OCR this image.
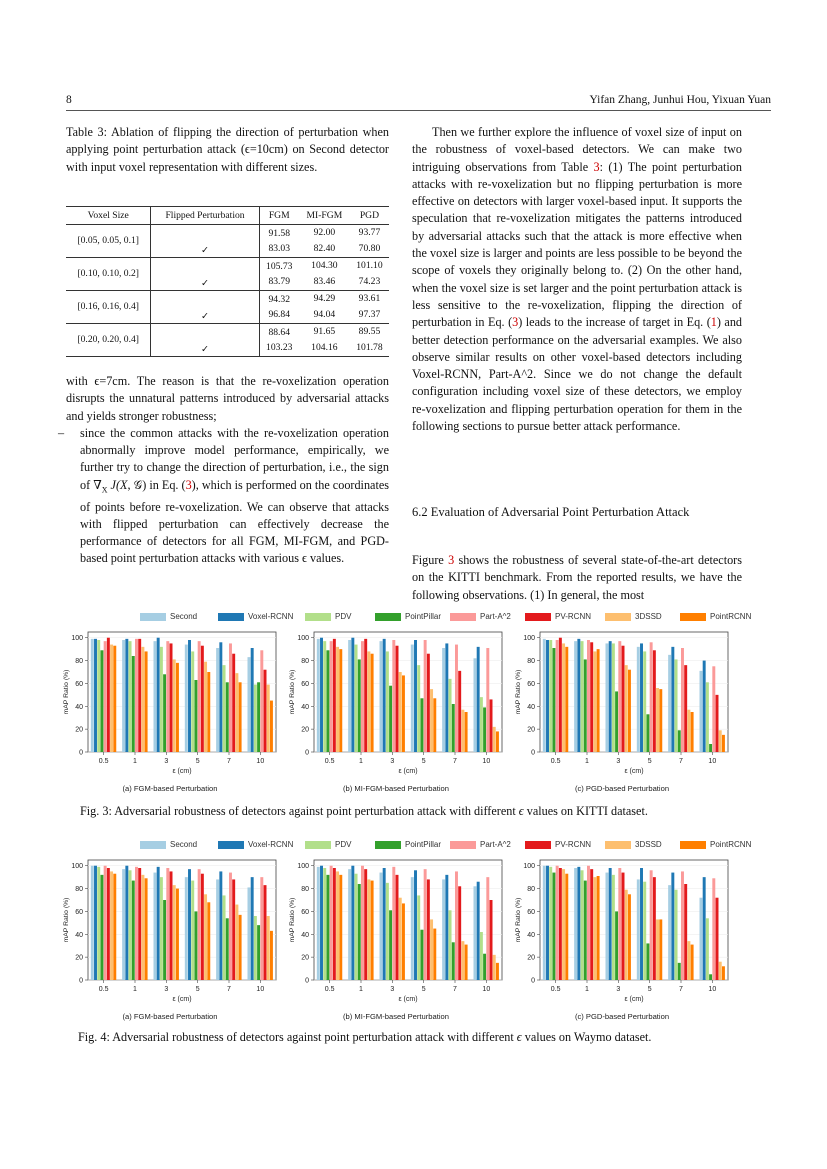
8	Yifan Zhang, Junhui Hou, Yixuan Yuan
Table 3: Ablation of flipping the direction of perturbation when applying point perturbation attack (ϵ=10cm) on Second detector with input voxel representation with different sizes.
Voxel Size	Flipped Perturbation	FGM	MI-FGM	PGD
[0.05, 0.05, 0.1]		91.58	92.00	93.77
	✓	83.03	82.40	70.80
[0.10, 0.10, 0.2]		105.73	104.30	101.10
	✓	83.79	83.46	74.23
[0.16, 0.16, 0.4]		94.32	94.29	93.61
	✓	96.84	94.04	97.37
[0.20, 0.20, 0.4]		88.64	91.65	89.55
	✓	103.23	104.16	101.78

with ϵ=7cm. The reason is that the re-voxelization operation disrupts the unnatural patterns introduced by adversarial attacks and yields stronger robustness;

– since the common attacks with the re-voxelization operation abnormally improve model performance, empirically, we further try to change the direction of perturbation, i.e., the sign of $\nabla_X$ J(X, 𝒢) in Eq. (3), which is performed on the coordinates of points before re-voxelization. We can observe that attacks with flipped perturbation can effectively decrease the performance of detectors for all FGM, MI-FGM, and PGD-based point perturbation attacks with various ϵ values.

Then we further explore the influence of voxel size of input on the robustness of voxel-based detectors. We can make two intriguing observations from Table 3: (1) The point perturbation attacks with re-voxelization but no flipping perturbation is more effective on detectors with larger voxel-based input. It supports the speculation that re-voxelization mitigates the patterns introduced by adversarial attacks such that the attack is more effective when the voxel size is larger and points are less possible to be beyond the scope of voxels they originally belong to. (2) On the other hand, when the voxel size is set larger and the point perturbation attack is less sensitive to the re-voxelization, flipping the direction of perturbation in Eq. (3) leads to the increase of target in Eq. (1) and better detection performance on the adversarial examples. We also observe similar results on other voxel-based detectors including Voxel-RCNN, Part-A^2. Since we do not change the default configuration including voxel size of these detectors, we employ re-voxelization and flipping perturbation operation for them in the following sections to pursue better attack performance.

6.2 Evaluation of Adversarial Point Perturbation Attack

Figure 3 shows the robustness of several state-of-the-art detectors on the KITTI benchmark. From the reported results, we have the following observations. (1) In general, the most

Second	Voxel-RCNN	PDV	PointPillar	Part-A^2	PV-RCNN	3DSSD	PointRCNN
0
20
40
60
80
100
0.5	1	3	5	7	10
ε (cm)
mAP Ratio (%)
(a) FGM-based Perturbation
0
20
40
60
80
100
0.5	1	3	5	7	10
ε (cm)
mAP Ratio (%)
(b) MI-FGM-based Perturbation
0
20
40
60
80
100
0.5	1	3	5	7	10
ε (cm)
mAP Ratio (%)
(c) PGD-based Perturbation
Fig. 3: Adversarial robustness of detectors against point perturbation attack with different ϵ values on KITTI dataset.
Second	Voxel-RCNN	PDV	PointPillar	Part-A^2	PV-RCNN	3DSSD	PointRCNN
0
20
40
60
80
100
0.5	1	3	5	7	10
ε (cm)
mAP Ratio (%)
(a) FGM-based Perturbation
0
20
40
60
80
100
0.5	1	3	5	7	10
ε (cm)
mAP Ratio (%)
(b) MI-FGM-based Perturbation
0
20
40
60
80
100
0.5	1	3	5	7	10
ε (cm)
mAP Ratio (%)
(c) PGD-based Perturbation
Fig. 4: Adversarial robustness of detectors against point perturbation attack with different ϵ values on Waymo dataset.
